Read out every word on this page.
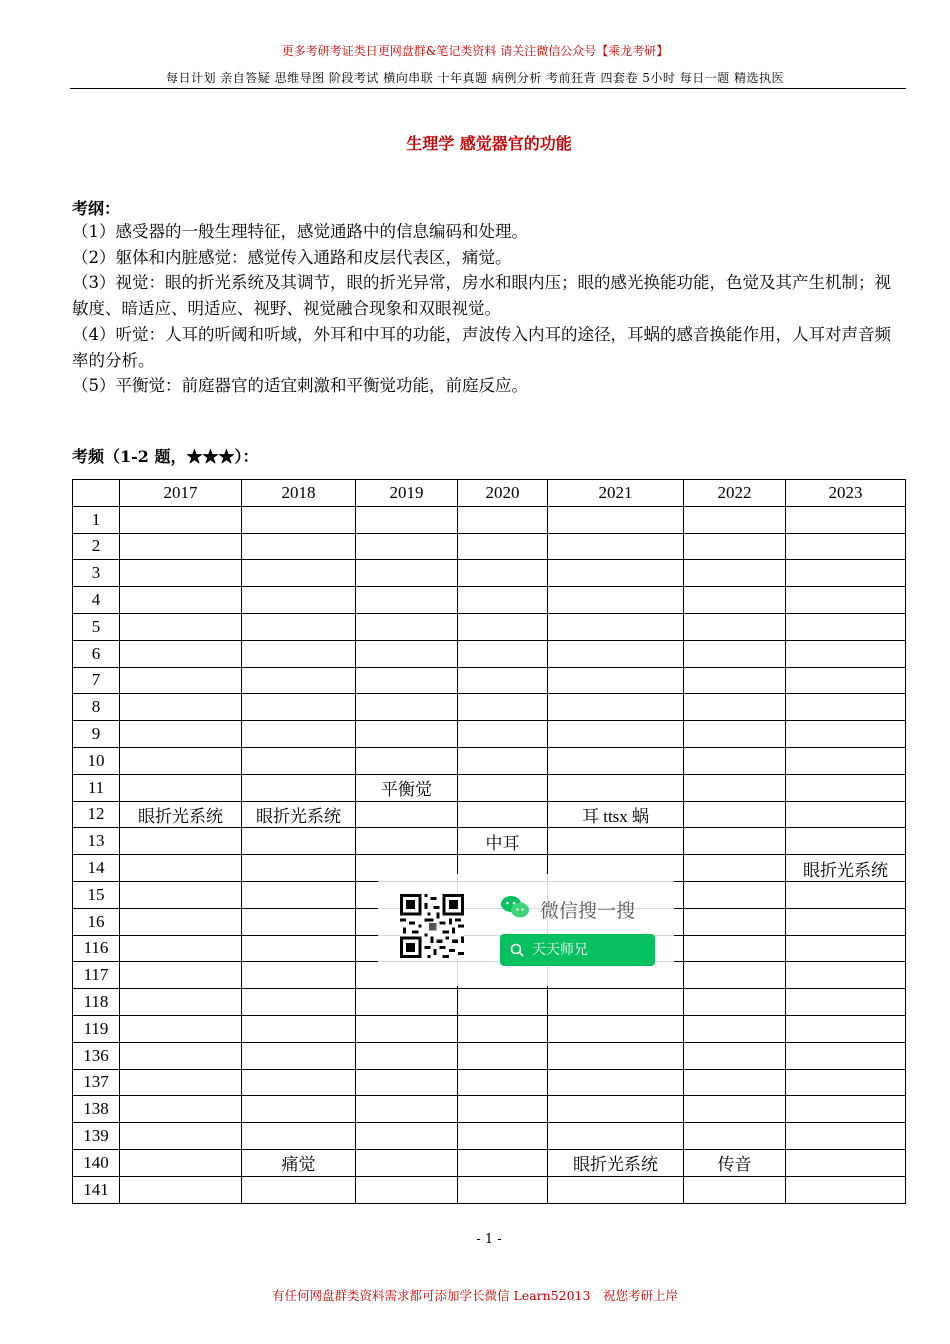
更多考研考证类日更网盘群&笔记类资料 请关注微信公众号【乘龙考研】
每日计划 亲自答疑 思维导图 阶段考试 横向串联 十年真题 病例分析 考前狂背 四套卷 5小时 每日一题 精选执医
生理学 感觉器官的功能
考纲：

（1）感受器的一般生理特征，感觉通路中的信息编码和处理。

（2）躯体和内脏感觉：感觉传入通路和皮层代表区，痛觉。

（3）视觉：眼的折光系统及其调节，眼的折光异常，房水和眼内压；眼的感光换能功能，色觉及其产生机制；视敏度、暗适应、明适应、视野、视觉融合现象和双眼视觉。

（4）听觉：人耳的听阈和听域，外耳和中耳的功能，声波传入内耳的途径，耳蜗的感音换能作用，人耳对声音频率的分析。

（5）平衡觉：前庭器官的适宜刺激和平衡觉功能，前庭反应。

考频（1-2 题，★★★）：
	2017	2018	2019	2020	2021	2022	2023
1							
2							
3							
4							
5							
6							
7							
8							
9							
10							
11			平衡觉				
12	眼折光系统	眼折光系统			耳 ttsx 蜗		
13				中耳			
14							眼折光系统
15							
16							
116							
117							
118							
119							
136							
137							
138							
139							
140		痛觉			眼折光系统	传音	
141							
微信搜一搜
天天师兄
- 1 -
有任何网盘群类资料需求都可添加学长微信 Learn52013　祝您考研上岸
